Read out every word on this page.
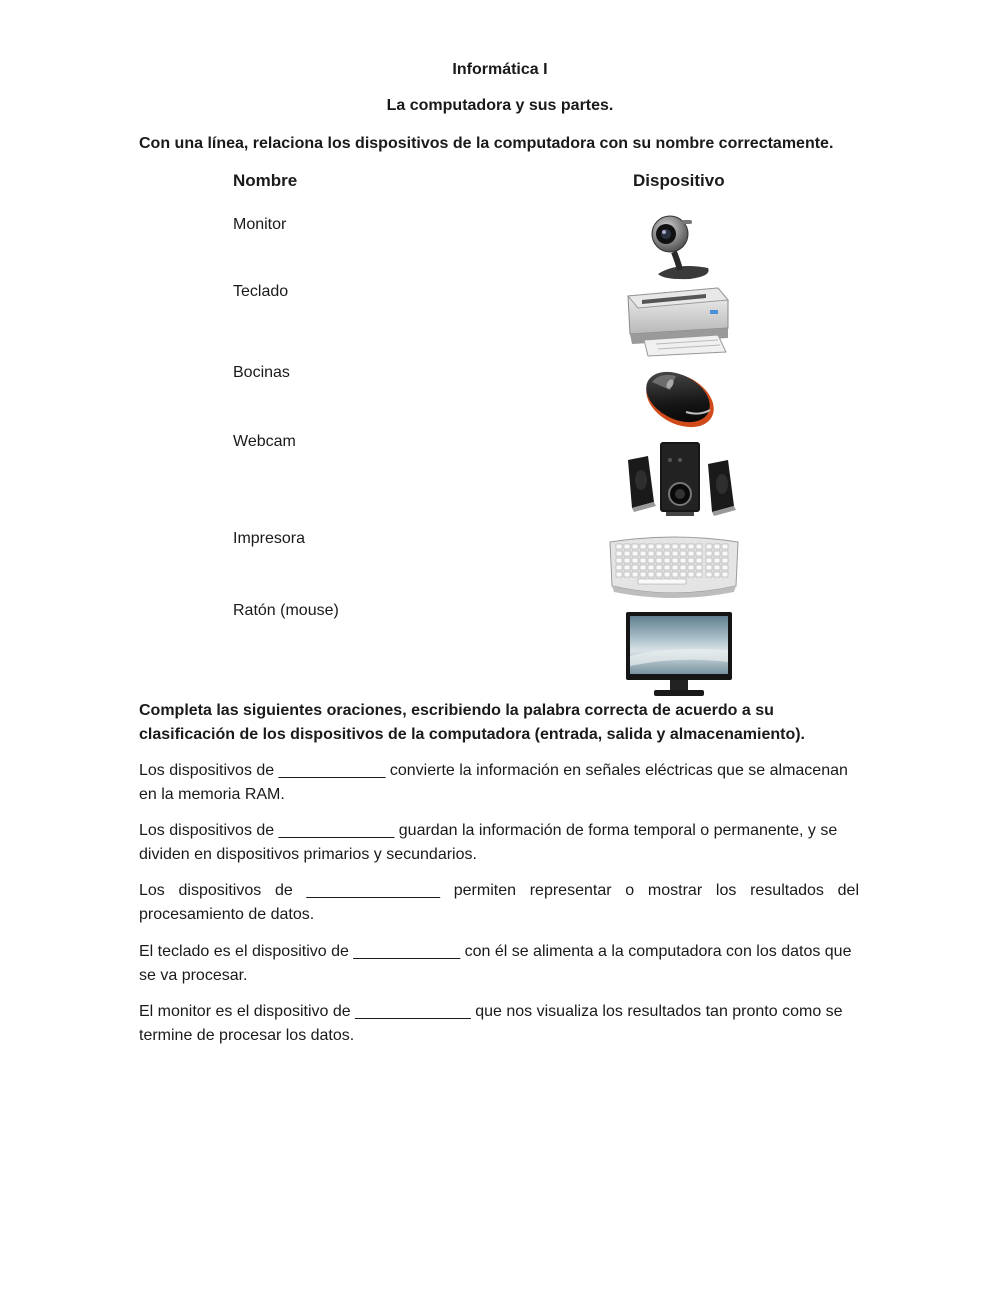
Informática I
La computadora y sus partes.
Con una línea, relaciona los dispositivos de la computadora con su nombre correctamente.
Nombre	Dispositivo
Monitor
Teclado
Bocinas
Webcam
Impresora
Ratón (mouse)
Completa las siguientes oraciones, escribiendo la palabra correcta de acuerdo a su clasificación de los dispositivos de la computadora (entrada, salida y almacenamiento).
Los dispositivos de ____________ convierte la información en señales eléctricas que se almacenan en la memoria RAM.
Los dispositivos de _____________ guardan la información de forma temporal o permanente, y se dividen en dispositivos primarios y secundarios.
Los dispositivos de _______________ permiten representar o mostrar los resultados del procesamiento de datos.
El teclado es el dispositivo de ____________ con él se alimenta a la computadora con los datos que se va procesar.
El monitor es el dispositivo de _____________ que nos visualiza los resultados tan pronto como se termine de procesar los datos.
